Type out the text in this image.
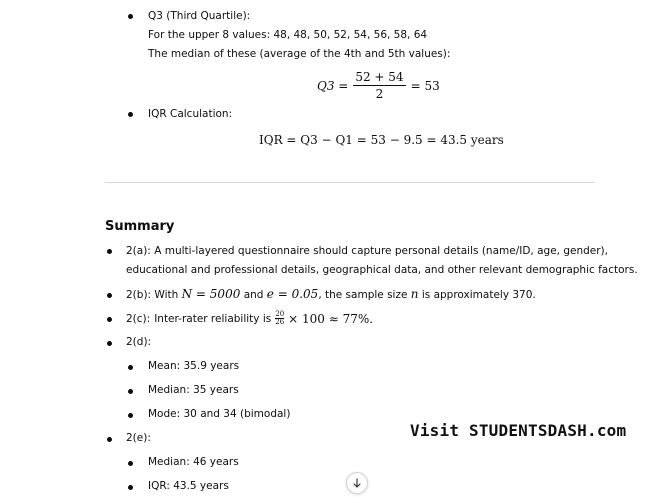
Q3 (Third Quartile):
For the upper 8 values: 48, 48, 50, 52, 54, 56, 58, 64
The median of these (average of the 4th and 5th values):
$Q3 = \frac{52 + 54}{2} = 53$
IQR Calculation:
IQR = Q3 − Q1 = 53 − 9.5 = 43.5 years
Summary
2(a): A multi-layered questionnaire should capture personal details (name/ID, age, gender),
educational and professional details, geographical data, and other relevant demographic factors.
2(b): With N = 5000 and e = 0.05, the sample size n is approximately 370.
2(c): Inter-rater reliability is $\frac{20}{26} \times 100 \approx 77\%$.
2(d):
Mean: 35.9 years
Median: 35 years
Mode: 30 and 34 (bimodal)
2(e):
Median: 46 years
IQR: 43.5 years
Visit STUDENTSDASH.com
